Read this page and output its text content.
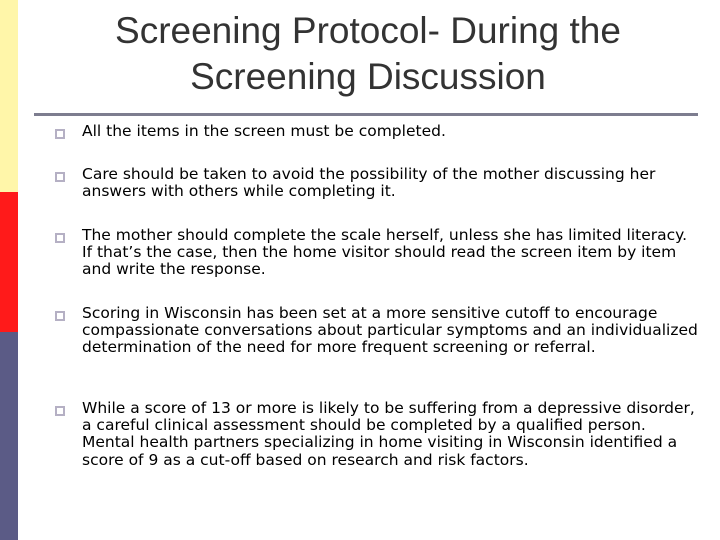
Screening Protocol- During the
Screening Discussion
All the items in the screen must be completed.
Care should be taken to avoid the possibility of the mother discussing her answers with others while completing it.
The mother should complete the scale herself, unless she has limited literacy. If that’s the case, then the home visitor should read the screen item by item and write the response.
Scoring in Wisconsin has been set at a more sensitive cutoff to encourage compassionate conversations about particular symptoms and an individualized determination of the need for more frequent screening or referral.
While a score of 13 or more is likely to be suffering from a depressive disorder, a careful clinical assessment should be completed by a qualified person.  Mental health partners specializing in home visiting in Wisconsin identified a score of 9 as a cut-off based on research and risk factors.
